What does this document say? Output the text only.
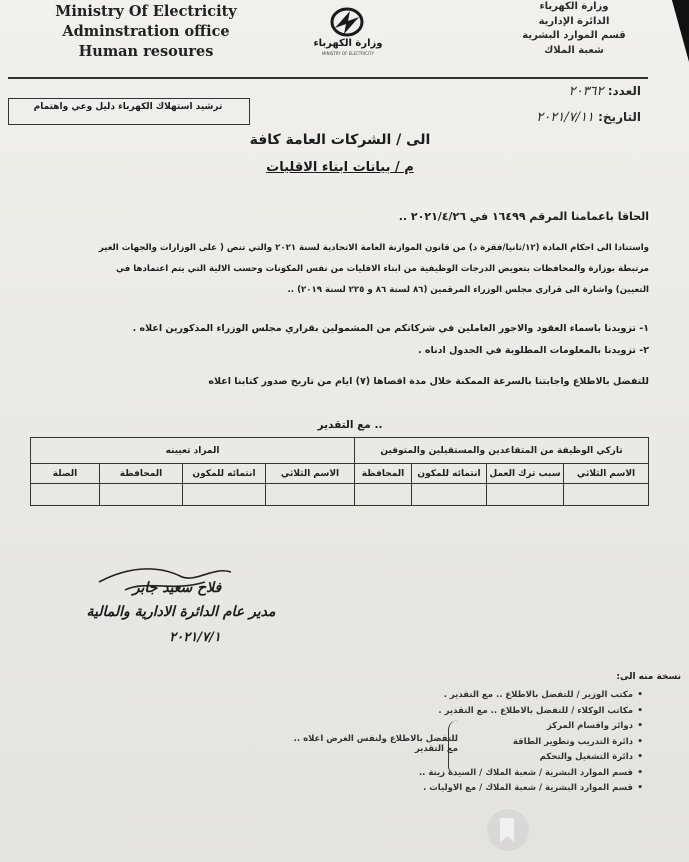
Ministry Of Electricity
Adminstration office
Human resoures	وزارة الكهرباء
MINISTRY OF ELECTRICITY
وزارة الكهرباء
الدائرة الإدارية
قسم الموارد البشرية
شعبة الملاك
ترشيد استهلاك الكهرباء دليل وعي واهتمام
العدد: ٢٠٣٦٢
التاريخ: ٢٠٢١/٧/١١
الى / الشركات العامة كافة
م / بيانات ابناء الاقليات
الحاقا باعمامنا المرقم ١٦٤٩٩ في ٢٠٢١/٤/٢٦ ..
واستنادا الى احكام المادة (١٢/ثانيا/فقرة د) من قانون الموازنة العامة الاتحادية لسنة ٢٠٢١ والتي تنص ( على الوزارات والجهات الغير
مرتبطة بوزارة والمحافظات بتعويض الدرجات الوظيفية من ابناء الاقليات من نفس المكونات وحسب الالية التي يتم اعتمادها في
التعيين) واشارة الى قراري مجلس الوزراء المرقمين (٨٦ لسنة ٨٦ و ٢٢٥ لسنة ٢٠١٩) ..
١- تزويدنا باسماء العقود والاجور العاملين في شركاتكم من المشمولين بقراري مجلس الوزراء المذكورين اعلاه .
٢- تزويدنا بالمعلومات المطلوبة في الجدول ادناه .
للتفضل بالاطلاع واجابتنا بالسرعة الممكنة خلال مدة اقصاها (٧) ايام من تاريخ صدور كتابنا اعلاه
.. مع التقدير
تاركي الوظيفة من المتقاعدين والمستقيلين والمتوفين				المراد تعيينه			
الاسم الثلاثي	سبب ترك العمل	انتمائه للمكون	المحافظة	الاسم الثلاثي	انتمائه للمكون	المحافظة	الصلة

فلاح سعيد جابر
مدير عام الدائرة الادارية والمالية
٢٠٢١/٧/١
نسخة منه الى:
• مكتب الوزير / للتفضل بالاطلاع .. مع التقدير .
• مكاتب الوكلاء / للتفضل بالاطلاع .. مع التقدير .
• دوائر واقسام المركز
• دائرة التدريب وتطوير الطاقة
• دائرة التشغيل والتحكم
• قسم الموارد البشرية / شعبة الملاك / السيدة زينة ..
• قسم الموارد البشرية / شعبة الملاك / مع الاوليات .
للتفضل بالاطلاع ولنفس الغرض اعلاه .. مع التقدير
